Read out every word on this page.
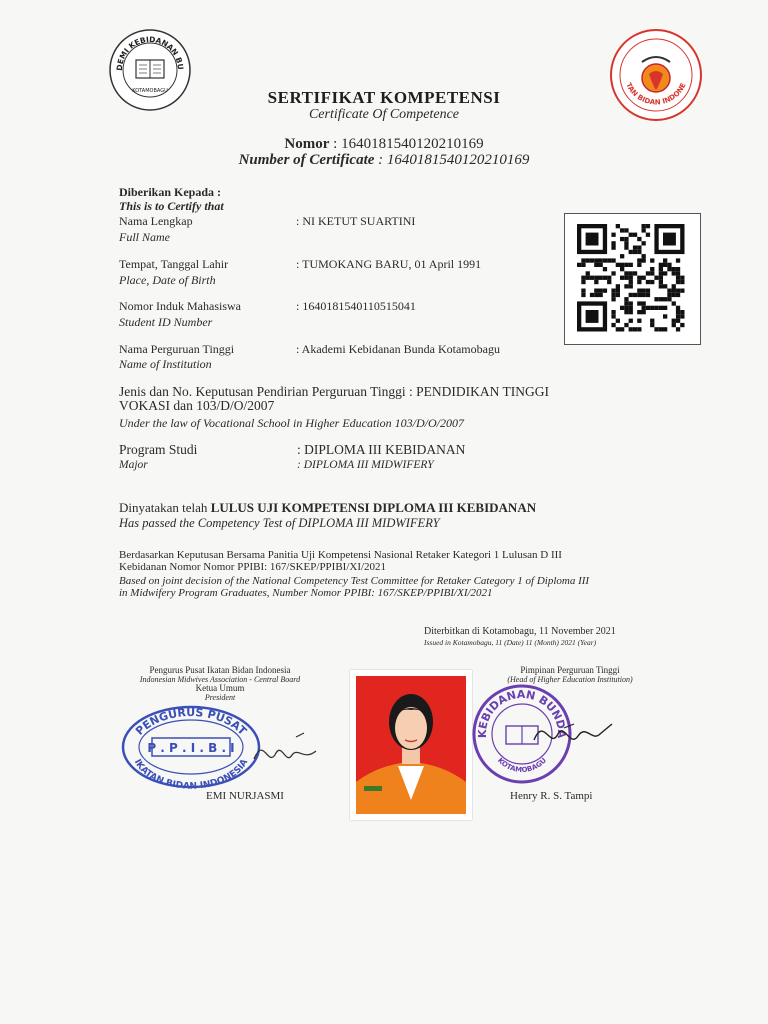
DEMI KEBIDANAN BU
KOTAMOBAGU
TAN BIDAN INDONE
SERTIFIKAT KOMPETENSI
Certificate Of Competence
Nomor : 1640181540120210169
Number of Certificate : 1640181540120210169
Diberikan Kepada :
This is to Certify that
Nama Lengkap
Full Name
: NI KETUT SUARTINI
Tempat, Tanggal Lahir
Place, Date of Birth
: TUMOKANG BARU, 01 April 1991
Nomor Induk Mahasiswa
Student ID Number
: 1640181540110515041
Nama Perguruan Tinggi
Name of Institution
: Akademi Kebidanan Bunda Kotamobagu
Jenis dan No. Keputusan Pendirian Perguruan Tinggi : PENDIDIKAN TINGGI
VOKASI dan 103/D/O/2007
Under the law of Vocational School in Higher Education 103/D/O/2007
Program Studi	: DIPLOMA III KEBIDANAN
Major	: DIPLOMA III MIDWIFERY
Dinyatakan telah LULUS UJI KOMPETENSI DIPLOMA III KEBIDANAN
Has passed the Competency Test of DIPLOMA III MIDWIFERY
Berdasarkan Keputusan Bersama Panitia Uji Kompetensi Nasional Retaker Kategori 1 Lulusan D III
Kebidanan Nomor Nomor PPIBI: 167/SKEP/PPIBI/XI/2021
Based on joint decision of the National Competency Test Committee for Retaker Category 1 of Diploma III
in Midwifery Program Graduates, Number Nomor PPIBI: 167/SKEP/PPIBI/XI/2021
Diterbitkan di Kotamobagu, 11 November 2021
Issued in Kotamobagu, 11 (Date) 11 (Month) 2021 (Year)
Pengurus Pusat Ikatan Bidan Indonesia
Indonesian Midwives Association - Central Board
Ketua Umum
President
PENGURUS PUSAT
P . P . I . B . I
IKATAN BIDAN INDONESIA
EMI NURJASMI
Pimpinan Perguruan Tinggi
(Head of Higher Education Institution)
KEBIDANAN BUNDA
KOTAMOBAGU
Henry R. S. Tampi
